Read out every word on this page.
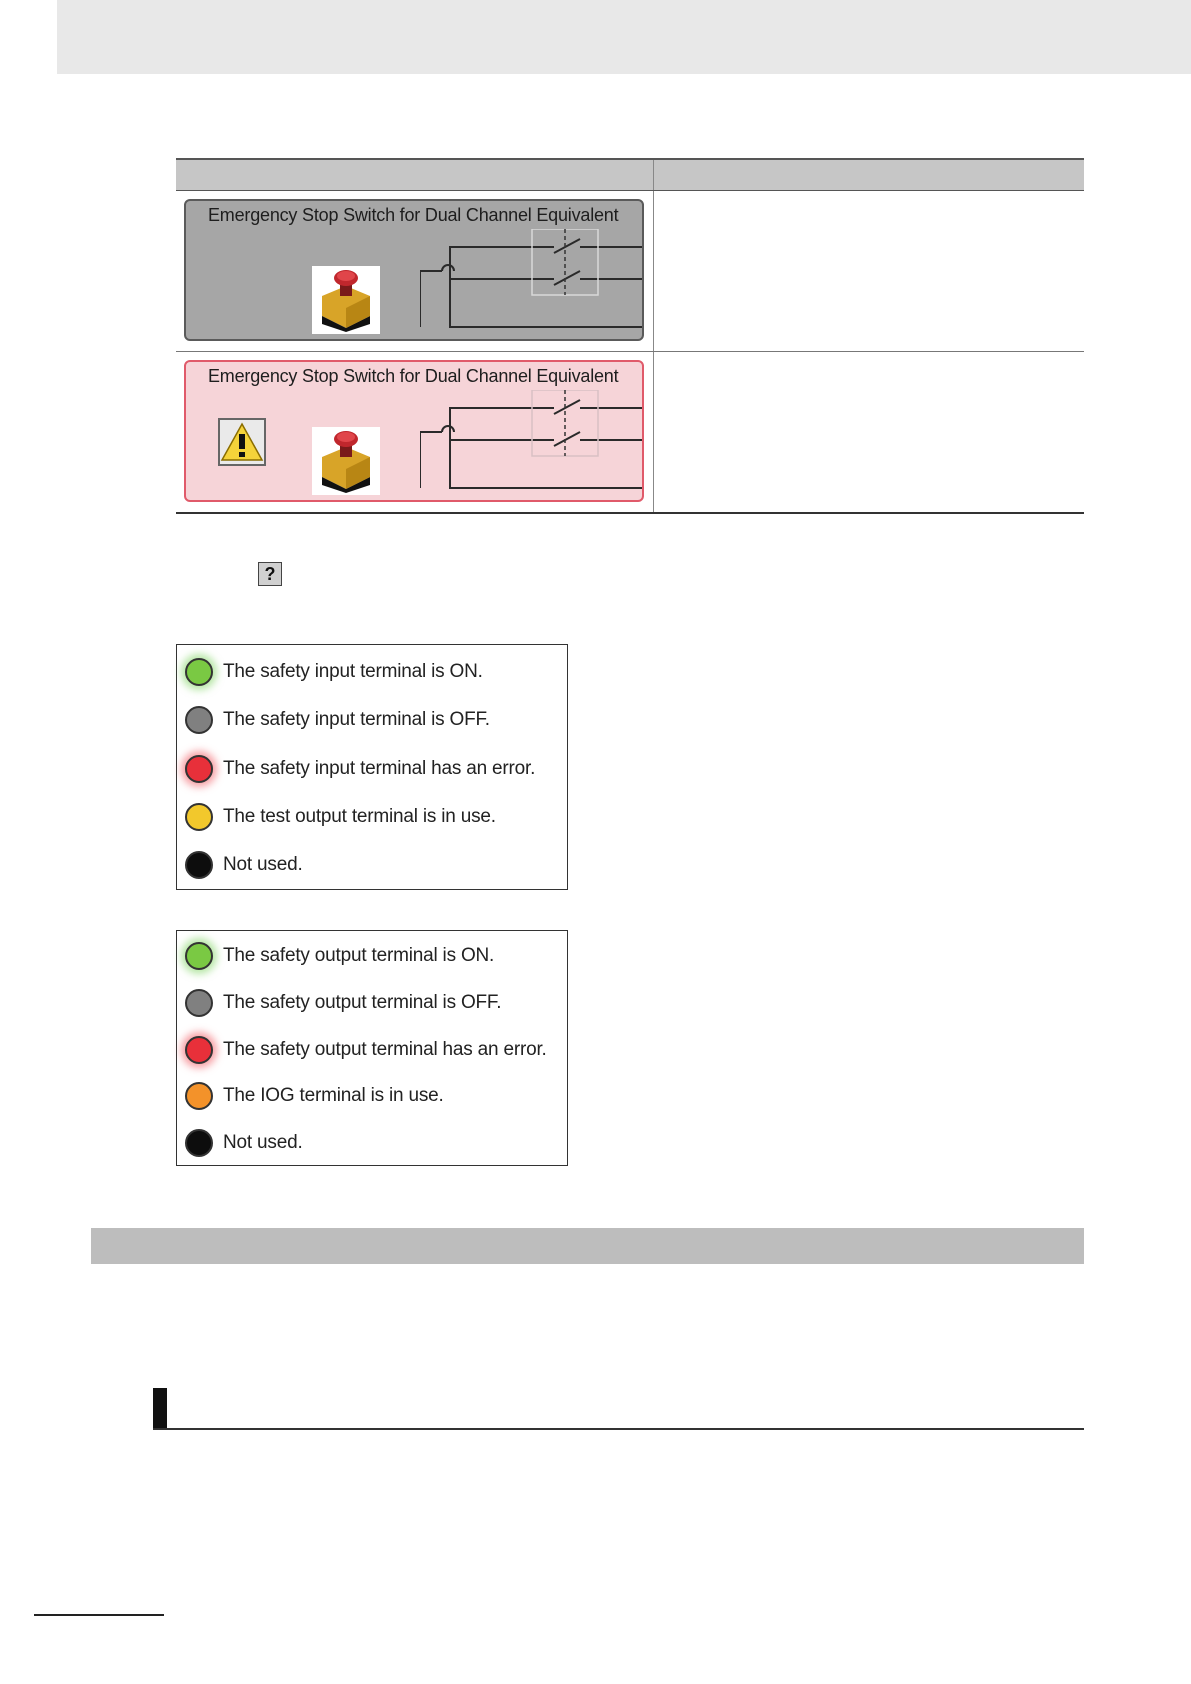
Emergency Stop Switch for Dual Channel Equivalent
Emergency Stop Switch for Dual Channel Equivalent
?
The safety input terminal is ON.
The safety input terminal is OFF.
The safety input terminal has an error.
The test output terminal is in use.
Not used.
The safety output terminal is ON.
The safety output terminal is OFF.
The safety output terminal has an error.
The IOG terminal is in use.
Not used.
